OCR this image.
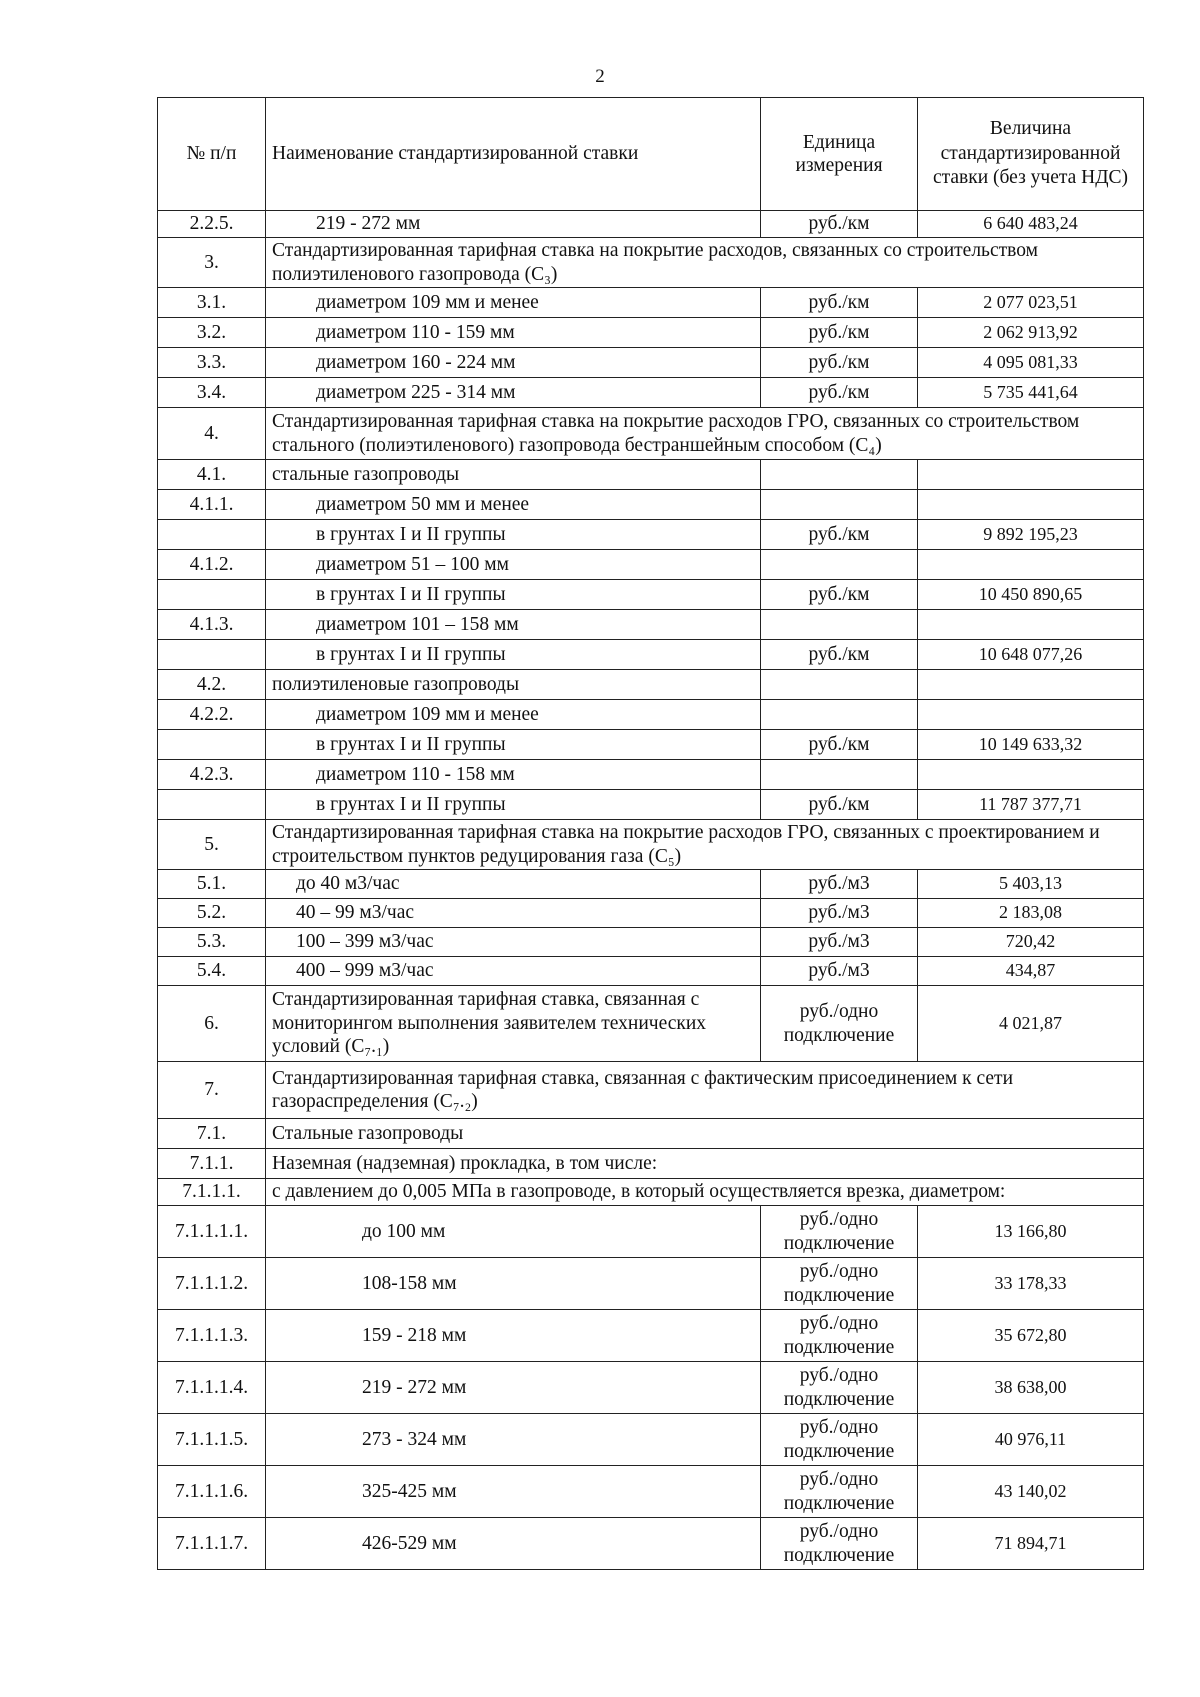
2
№ п/п	Наименование стандартизированной ставки	Единица измерения	Величина стандартизированной ставки (без учета НДС)
2.2.5.	219 - 272 мм	руб./км	6 640 483,24
3.	Стандартизированная тарифная ставка на покрытие расходов, связанных со строительством полиэтиленового газопровода (С₃)		
3.1.	диаметром 109 мм и менее	руб./км	2 077 023,51
3.2.	диаметром 110 - 159 мм	руб./км	2 062 913,92
3.3.	диаметром 160 - 224 мм	руб./км	4 095 081,33
3.4.	диаметром 225 - 314 мм	руб./км	5 735 441,64
4.	Стандартизированная тарифная ставка на покрытие расходов ГРО, связанных со строительством стального (полиэтиленового) газопровода бестраншейным способом (С₄)		
4.1.	стальные газопроводы		
4.1.1.	диаметром 50 мм и менее		
	в грунтах I и II группы	руб./км	9 892 195,23
4.1.2.	диаметром 51 – 100 мм		
	в грунтах I и II группы	руб./км	10 450 890,65
4.1.3.	диаметром 101 – 158 мм		
	в грунтах I и II группы	руб./км	10 648 077,26
4.2.	полиэтиленовые газопроводы		
4.2.2.	диаметром 109 мм и менее		
	в грунтах I и II группы	руб./км	10 149 633,32
4.2.3.	диаметром 110 - 158 мм		
	в грунтах I и II группы	руб./км	11 787 377,71
5.	Стандартизированная тарифная ставка на покрытие расходов ГРО, связанных с проектированием и строительством пунктов редуцирования газа (С₅)		
5.1.	до 40 м3/час	руб./м3	5 403,13
5.2.	40 – 99 м3/час	руб./м3	2 183,08
5.3.	100 – 399 м3/час	руб./м3	720,42
5.4.	400 – 999 м3/час	руб./м3	434,87
6.	Стандартизированная тарифная ставка, связанная с мониторингом выполнения заявителем технических условий (С₇.₁)	руб./одно подключение	4 021,87
7.	Стандартизированная тарифная ставка, связанная с фактическим присоединением к сети газораспределения (С₇.₂)		
7.1.	Стальные газопроводы		
7.1.1.	Наземная (надземная) прокладка, в том числе:		
7.1.1.1.	с давлением до 0,005 МПа в газопроводе, в который осуществляется врезка, диаметром:		
7.1.1.1.1.	до 100 мм	руб./одно подключение	13 166,80
7.1.1.1.2.	108-158 мм	руб./одно подключение	33 178,33
7.1.1.1.3.	159 - 218 мм	руб./одно подключение	35 672,80
7.1.1.1.4.	219 - 272 мм	руб./одно подключение	38 638,00
7.1.1.1.5.	273 - 324 мм	руб./одно подключение	40 976,11
7.1.1.1.6.	325-425 мм	руб./одно подключение	43 140,02
7.1.1.1.7.	426-529 мм	руб./одно подключение	71 894,71
